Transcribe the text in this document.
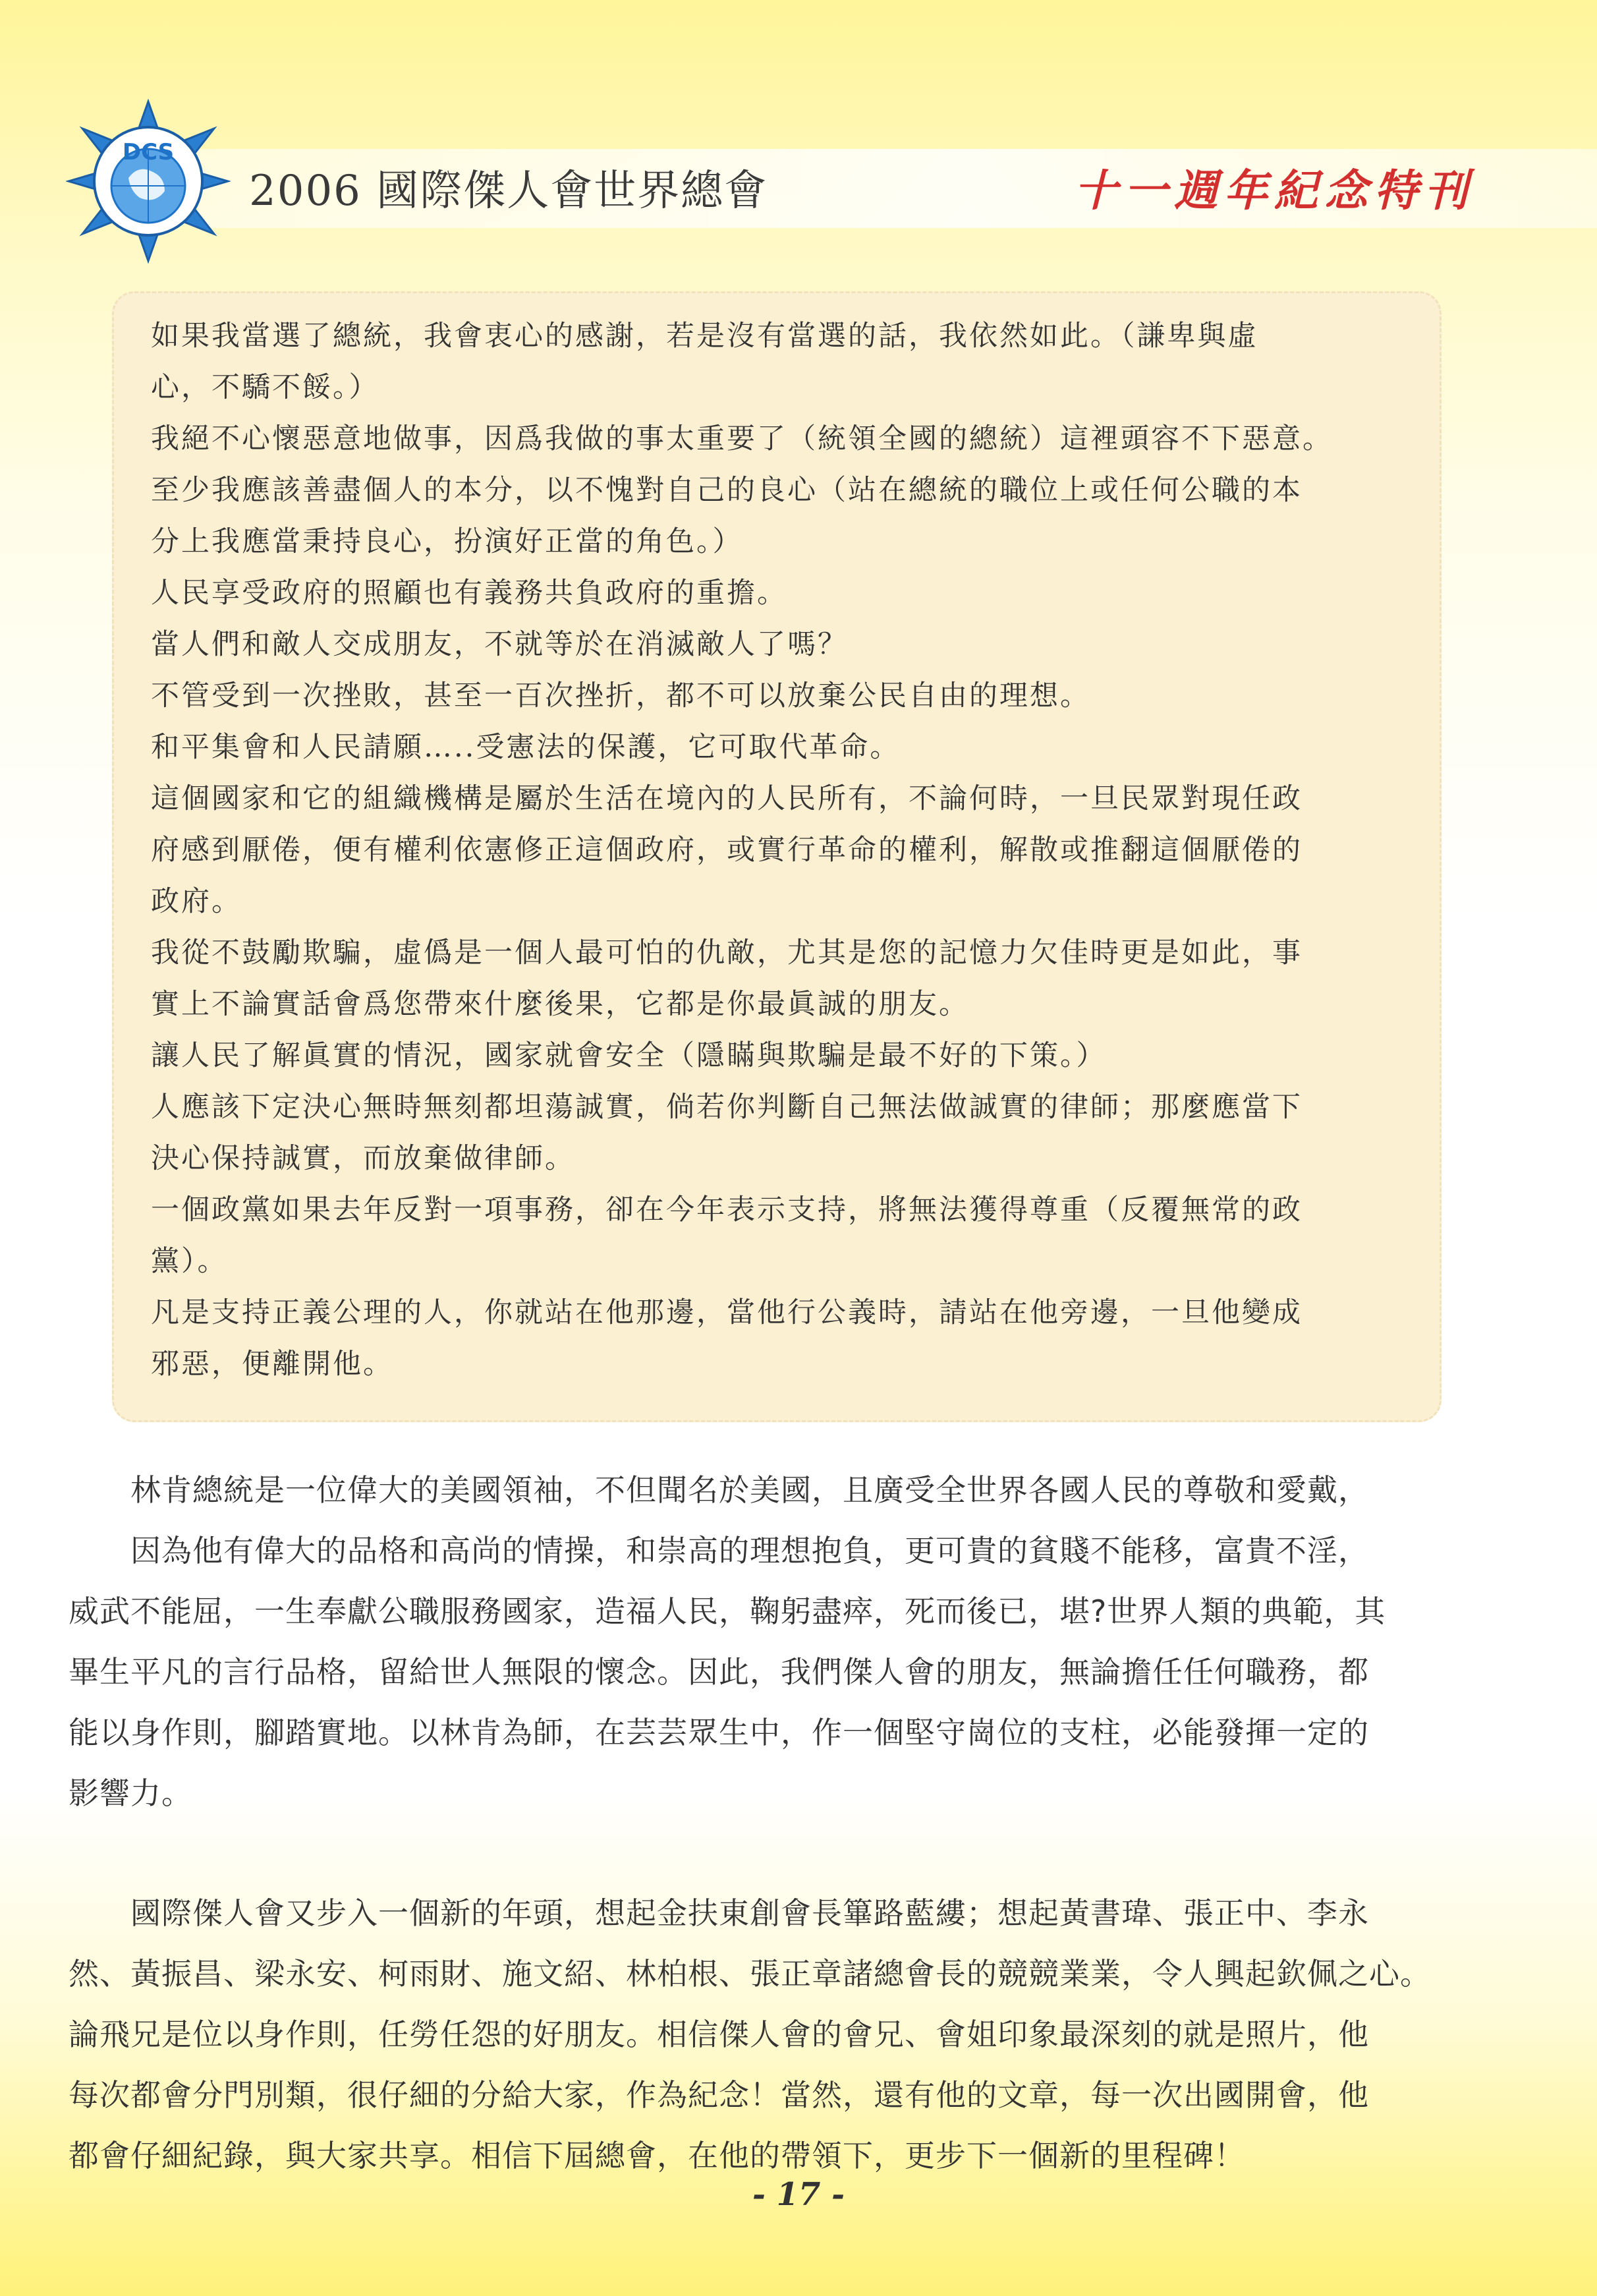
DCS
2006 國際傑人會世界總會	十一週年紀念特刊
如果我當選了總統，我會衷心的感謝，若是沒有當選的話，我依然如此。（謙卑與虛
心，不驕不餒。）
我絕不心懷惡意地做事，因爲我做的事太重要了（統領全國的總統）這裡頭容不下惡意。
至少我應該善盡個人的本分，以不愧對自己的良心（站在總統的職位上或任何公職的本
分上我應當秉持良心，扮演好正當的角色。）
人民享受政府的照顧也有義務共負政府的重擔。
當人們和敵人交成朋友，不就等於在消滅敵人了嗎？
不管受到一次挫敗，甚至一百次挫折，都不可以放棄公民自由的理想。
和平集會和人民請願…..受憲法的保護，它可取代革命。
這個國家和它的組織機構是屬於生活在境內的人民所有，不論何時，一旦民眾對現任政
府感到厭倦，便有權利依憲修正這個政府，或實行革命的權利，解散或推翻這個厭倦的
政府。
我從不鼓勵欺騙，虛僞是一個人最可怕的仇敵，尤其是您的記憶力欠佳時更是如此，事
實上不論實話會爲您帶來什麼後果，它都是你最眞誠的朋友。
讓人民了解眞實的情況，國家就會安全（隱瞞與欺騙是最不好的下策。）
人應該下定決心無時無刻都坦蕩誠實，倘若你判斷自己無法做誠實的律師；那麼應當下
決心保持誠實，而放棄做律師。
一個政黨如果去年反對一項事務，卻在今年表示支持，將無法獲得尊重（反覆無常的政
黨）。
凡是支持正義公理的人，你就站在他那邊，當他行公義時，請站在他旁邊，一旦他變成
邪惡，便離開他。
　　林肯總統是一位偉大的美國領袖，不但聞名於美國，且廣受全世界各國人民的尊敬和愛戴，
　　因為他有偉大的品格和高尚的情操，和崇高的理想抱負，更可貴的貧賤不能移，富貴不淫，
威武不能屈，一生奉獻公職服務國家，造福人民，鞠躬盡瘁，死而後已，堪?世界人類的典範，其
畢生平凡的言行品格，留給世人無限的懷念。因此，我們傑人會的朋友，無論擔任任何職務，都
能以身作則，腳踏實地。以林肯為師，在芸芸眾生中，作一個堅守崗位的支柱，必能發揮一定的
影響力。
　　國際傑人會又步入一個新的年頭，想起金扶東創會長篳路藍縷；想起黃書瑋、張正中、李永
然、黃振昌、梁永安、柯雨財、施文紹、林柏根、張正章諸總會長的競競業業，令人興起欽佩之心。
論飛兄是位以身作則，任勞任怨的好朋友。相信傑人會的會兄、會姐印象最深刻的就是照片，他
每次都會分門別類，很仔細的分給大家，作為紀念！當然，還有他的文章，每一次出國開會，他
都會仔細紀錄，與大家共享。相信下屆總會，在他的帶領下，更步下一個新的里程碑！
- 17 -
